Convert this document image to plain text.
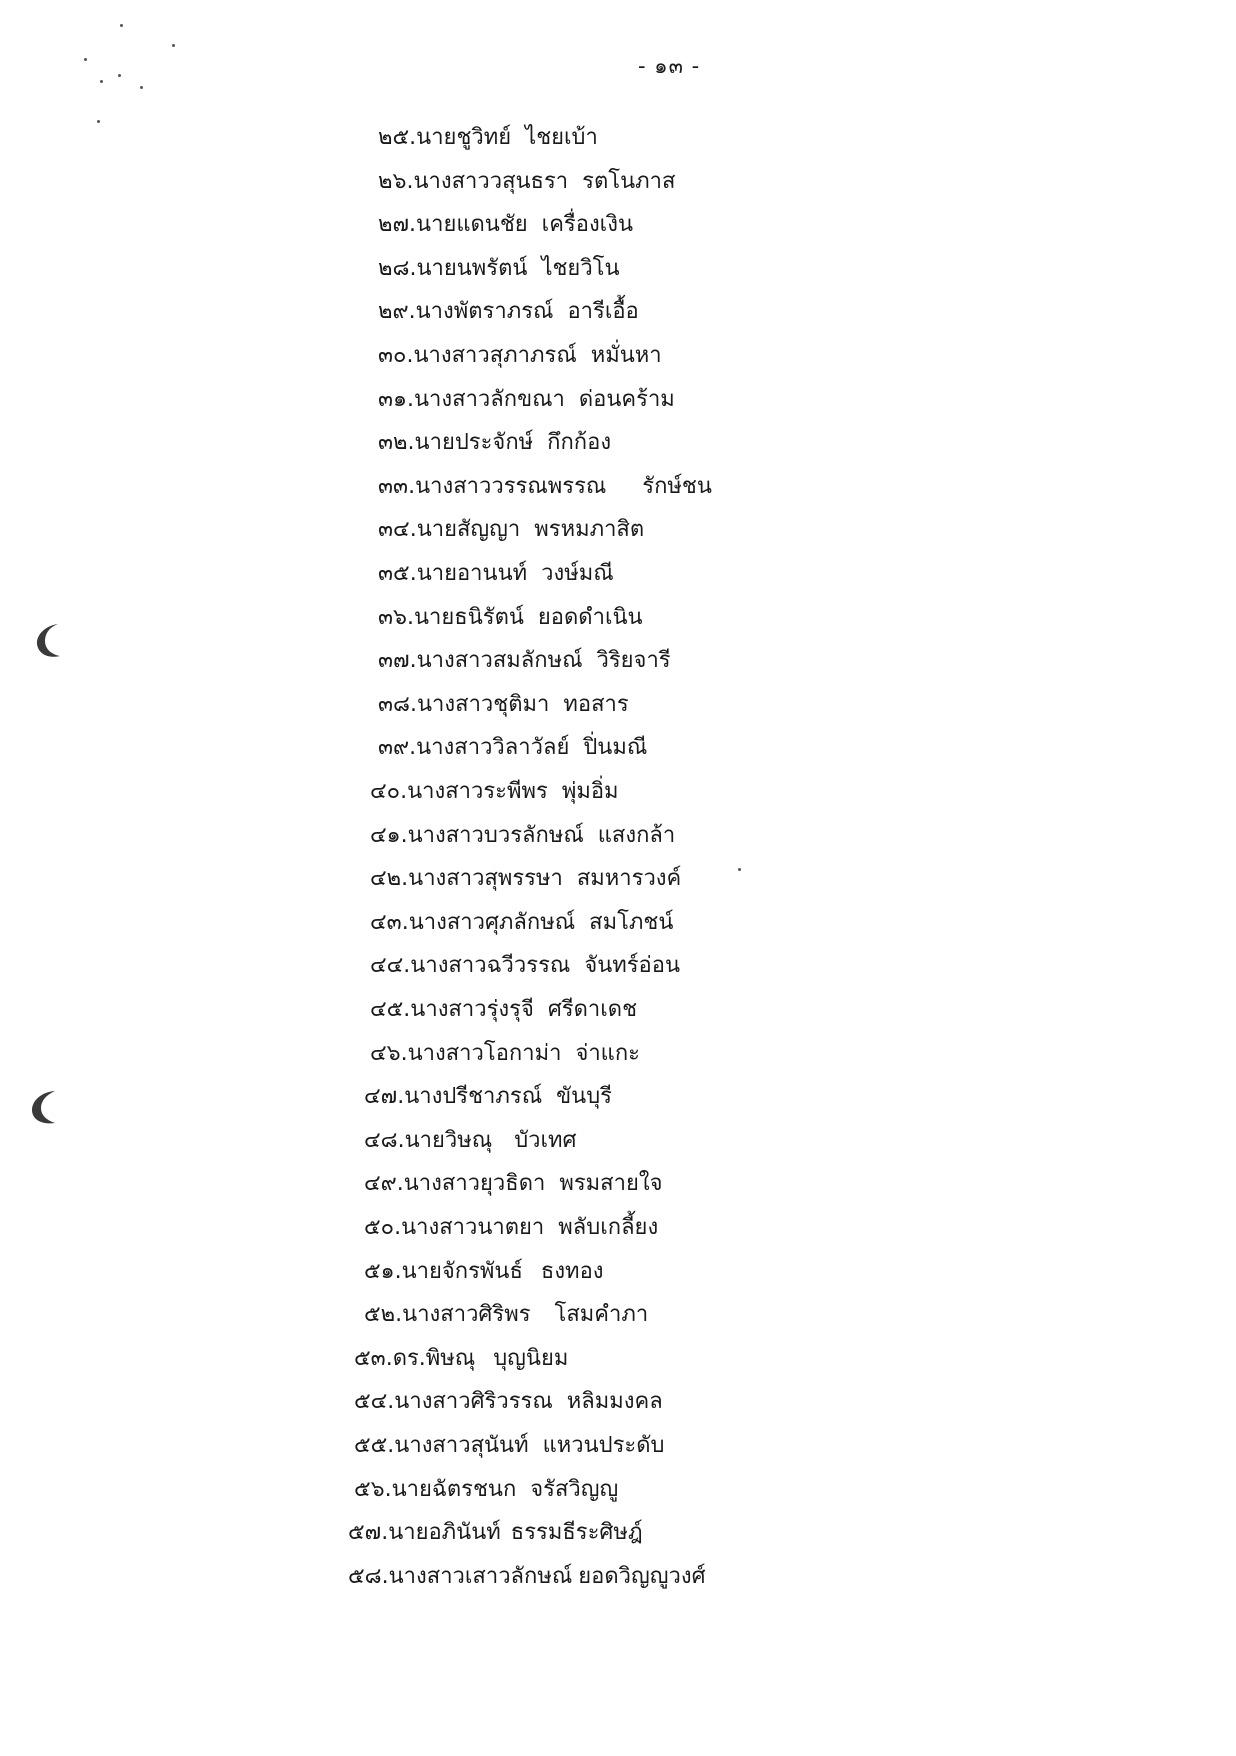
- ๑๓ -
๒๕.นายชูวิทย์ ไชยเบ้า
๒๖.นางสาววสุนธรา รตโนภาส
๒๗.นายแดนชัย เครื่องเงิน
๒๘.นายนพรัตน์ ไชยวิโน
๒๙.นางพัตราภรณ์ อารีเอื้อ
๓๐.นางสาวสุภาภรณ์ หมั่นหา
๓๑.นางสาวลักขณา ด่อนคร้าม
๓๒.นายประจักษ์ กึกก้อง
๓๓.นางสาววรรณพรรณ รักษ์ชน
๓๔.นายสัญญา พรหมภาสิต
๓๕.นายอานนท์ วงษ์มณี
๓๖.นายธนิรัตน์ ยอดดำเนิน
๓๗.นางสาวสมลักษณ์ วิริยจารี
๓๘.นางสาวชุติมา ทอสาร
๓๙.นางสาววิลาวัลย์ ปิ่นมณี
๔๐.นางสาวระพีพร พุ่มอิ่ม
๔๑.นางสาวบวรลักษณ์ แสงกล้า
๔๒.นางสาวสุพรรษา สมหารวงค์
๔๓.นางสาวศุภลักษณ์ สมโภชน์
๔๔.นางสาวฉวีวรรณ จันทร์อ่อน
๔๕.นางสาวรุ่งรุจี ศรีดาเดช
๔๖.นางสาวโอกาม่า จ่าแกะ
๔๗.นางปรีชาภรณ์ ขันบุรี
๔๘.นายวิษณุ บัวเทศ
๔๙.นางสาวยุวธิดา พรมสายใจ
๕๐.นางสาวนาตยา พลับเกลี้ยง
๕๑.นายจักรพันธ์ ธงทอง
๕๒.นางสาวศิริพร โสมคำภา
๕๓.ดร.พิษณุ บุญนิยม
๕๔.นางสาวศิริวรรณ หลิมมงคล
๕๕.นางสาวสุนันท์ แหวนประดับ
๕๖.นายฉัตรชนก จรัสวิญญู
๕๗.นายอภินันท์ ธรรมธีระศิษฎ์
๕๘.นางสาวเสาวลักษณ์ ยอดวิญญูวงศ์
